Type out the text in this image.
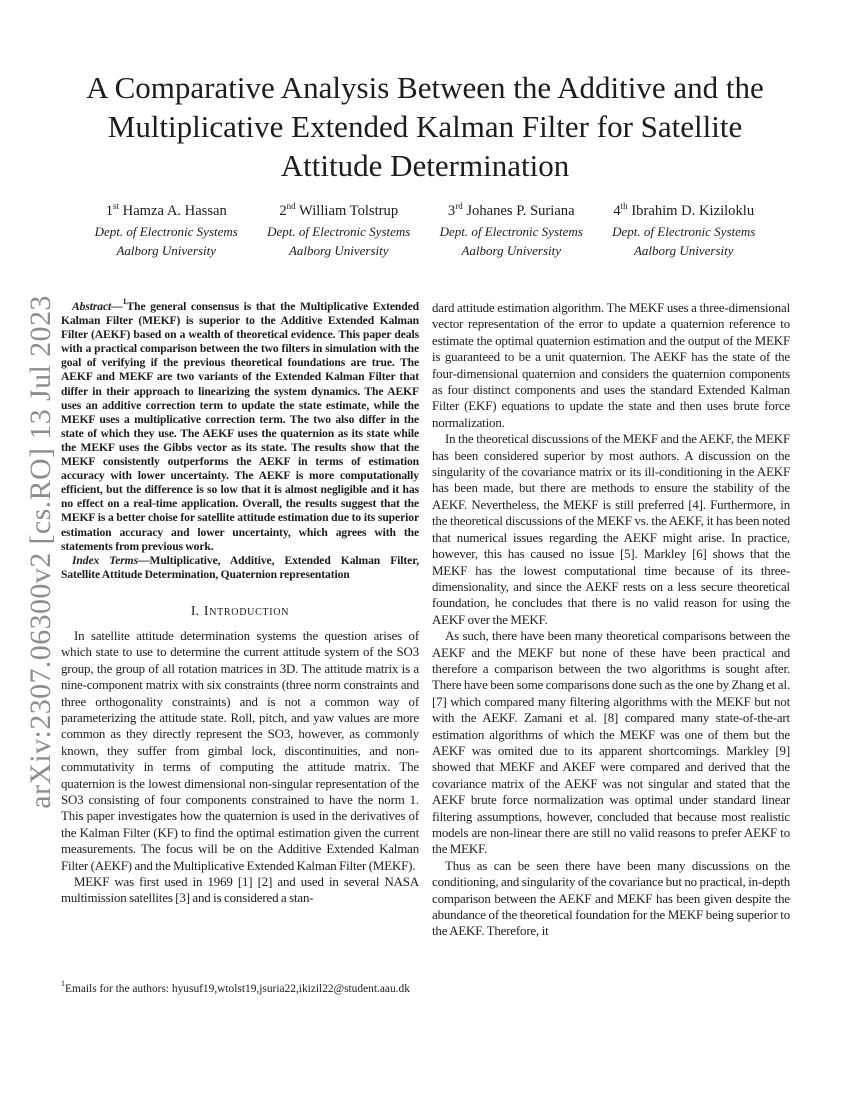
arXiv:2307.06300v2 [cs.RO] 13 Jul 2023
A Comparative Analysis Between the Additive and the Multiplicative Extended Kalman Filter for Satellite Attitude Determination
1st Hamza A. Hassan
Dept. of Electronic Systems
Aalborg University
2nd William Tolstrup
Dept. of Electronic Systems
Aalborg University
3rd Johanes P. Suriana
Dept. of Electronic Systems
Aalborg University
4th Ibrahim D. Kiziloklu
Dept. of Electronic Systems
Aalborg University

Abstract—$^1$The general consensus is that the Multiplicative Extended Kalman Filter (MEKF) is superior to the Additive Extended Kalman Filter (AEKF) based on a wealth of theoretical evidence. This paper deals with a practical comparison between the two filters in simulation with the goal of verifying if the previous theoretical foundations are true. The AEKF and MEKF are two variants of the Extended Kalman Filter that differ in their approach to linearizing the system dynamics. The AEKF uses an additive correction term to update the state estimate, while the MEKF uses a multiplicative correction term. The two also differ in the state of which they use. The AEKF uses the quaternion as its state while the MEKF uses the Gibbs vector as its state. The results show that the MEKF consistently outperforms the AEKF in terms of estimation accuracy with lower uncertainty. The AEKF is more computationally efficient, but the difference is so low that it is almost negligible and it has no effect on a real-time application. Overall, the results suggest that the MEKF is a better choise for satellite attitude estimation due to its superior estimation accuracy and lower uncertainty, which agrees with the statements from previous work.

Index Terms—Multiplicative, Additive, Extended Kalman Filter, Satellite Attitude Determination, Quaternion representation

I. Introduction

In satellite attitude determination systems the question arises of which state to use to determine the current attitude system of the SO3 group, the group of all rotation matrices in 3D. The attitude matrix is a nine-component matrix with six constraints (three norm constraints and three orthogonality constraints) and is not a common way of parameterizing the attitude state. Roll, pitch, and yaw values are more common as they directly represent the SO3, however, as commonly known, they suffer from gimbal lock, discontinuities, and non-commutativity in terms of computing the attitude matrix. The quaternion is the lowest dimensional non-singular representation of the SO3 consisting of four components constrained to have the norm 1. This paper investigates how the quaternion is used in the derivatives of the Kalman Filter (KF) to find the optimal estimation given the current measurements. The focus will be on the Additive Extended Kalman Filter (AEKF) and the Multiplicative Extended Kalman Filter (MEKF).

MEKF was first used in 1969 [1] [2] and used in several NASA multimission satellites [3] and is considered a stan-

dard attitude estimation algorithm. The MEKF uses a three-dimensional vector representation of the error to update a quaternion reference to estimate the optimal quaternion estimation and the output of the MEKF is guaranteed to be a unit quaternion. The AEKF has the state of the four-dimensional quaternion and considers the quaternion components as four distinct components and uses the standard Extended Kalman Filter (EKF) equations to update the state and then uses brute force normalization.

In the theoretical discussions of the MEKF and the AEKF, the MEKF has been considered superior by most authors. A discussion on the singularity of the covariance matrix or its ill-conditioning in the AEKF has been made, but there are methods to ensure the stability of the AEKF. Nevertheless, the MEKF is still preferred [4]. Furthermore, in the theoretical discussions of the MEKF vs. the AEKF, it has been noted that numerical issues regarding the AEKF might arise. In practice, however, this has caused no issue [5]. Markley [6] shows that the MEKF has the lowest computational time because of its three-dimensionality, and since the AEKF rests on a less secure theoretical foundation, he concludes that there is no valid reason for using the AEKF over the MEKF.

As such, there have been many theoretical comparisons between the AEKF and the MEKF but none of these have been practical and therefore a comparison between the two algorithms is sought after. There have been some comparisons done such as the one by Zhang et al. [7] which compared many filtering algorithms with the MEKF but not with the AEKF. Zamani et al. [8] compared many state-of-the-art estimation algorithms of which the MEKF was one of them but the AEKF was omited due to its apparent shortcomings. Markley [9] showed that MEKF and AKEF were compared and derived that the covariance matrix of the AEKF was not singular and stated that the AEKF brute force normalization was optimal under standard linear filtering assumptions, however, concluded that because most realistic models are non-linear there are still no valid reasons to prefer AEKF to the MEKF.

Thus as can be seen there have been many discussions on the conditioning, and singularity of the covariance but no practical, in-depth comparison between the AEKF and MEKF has been given despite the abundance of the theoretical foundation for the MEKF being superior to the AEKF. Therefore, it

$^1$Emails for the authors: hyusuf19,wtolst19,jsuria22,ikizil22@student.aau.dk
